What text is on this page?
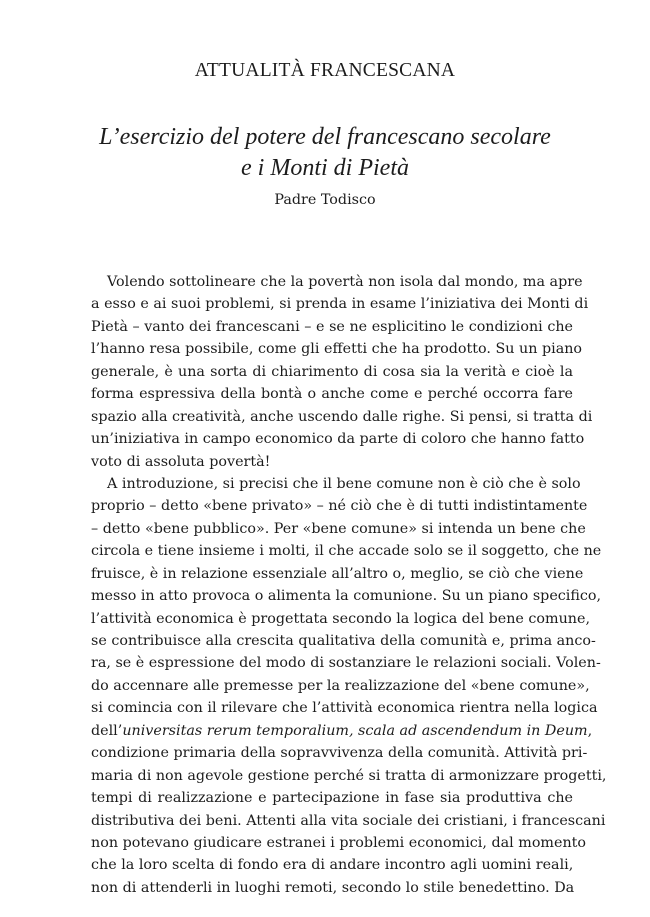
ATTUALITÀ FRANCESCANA
L’esercizio del potere del francescano secolare
e i Monti di Pietà
Padre Todisco
Volendo sottolineare che la povertà non isola dal mondo, ma apre
a esso e ai suoi problemi, si prenda in esame l’iniziativa dei Monti di
Pietà – vanto dei francescani – e se ne esplicitino le condizioni che
l’hanno resa possibile, come gli effetti che ha prodotto. Su un piano
generale, è una sorta di chiarimento di cosa sia la verità e cioè la
forma espressiva della bontà o anche come e perché occorra fare
spazio alla creatività, anche uscendo dalle righe. Si pensi, si tratta di
un’iniziativa in campo economico da parte di coloro che hanno fatto
voto di assoluta povertà!
A introduzione, si precisi che il bene comune non è ciò che è solo
proprio – detto «bene privato» – né ciò che è di tutti indistintamente
– detto «bene pubblico». Per «bene comune» si intenda un bene che
circola e tiene insieme i molti, il che accade solo se il soggetto, che ne
fruisce, è in relazione essenziale all’altro o, meglio, se ciò che viene
messo in atto provoca o alimenta la comunione. Su un piano specifico,
l’attività economica è progettata secondo la logica del bene comune,
se contribuisce alla crescita qualitativa della comunità e, prima anco-
ra, se è espressione del modo di sostanziare le relazioni sociali. Volen-
do accennare alle premesse per la realizzazione del «bene comune»,
si comincia con il rilevare che l’attività economica rientra nella logica
dell’universitas rerum temporalium, scala ad ascendendum in Deum,
condizione primaria della sopravvivenza della comunità. Attività pri-
maria di non agevole gestione perché si tratta di armonizzare progetti,
tempi di realizzazione e partecipazione in fase sia produttiva che
distributiva dei beni. Attenti alla vita sociale dei cristiani, i francescani
non potevano giudicare estranei i problemi economici, dal momento
che la loro scelta di fondo era di andare incontro agli uomini reali,
non di attenderli in luoghi remoti, secondo lo stile benedettino. Da
